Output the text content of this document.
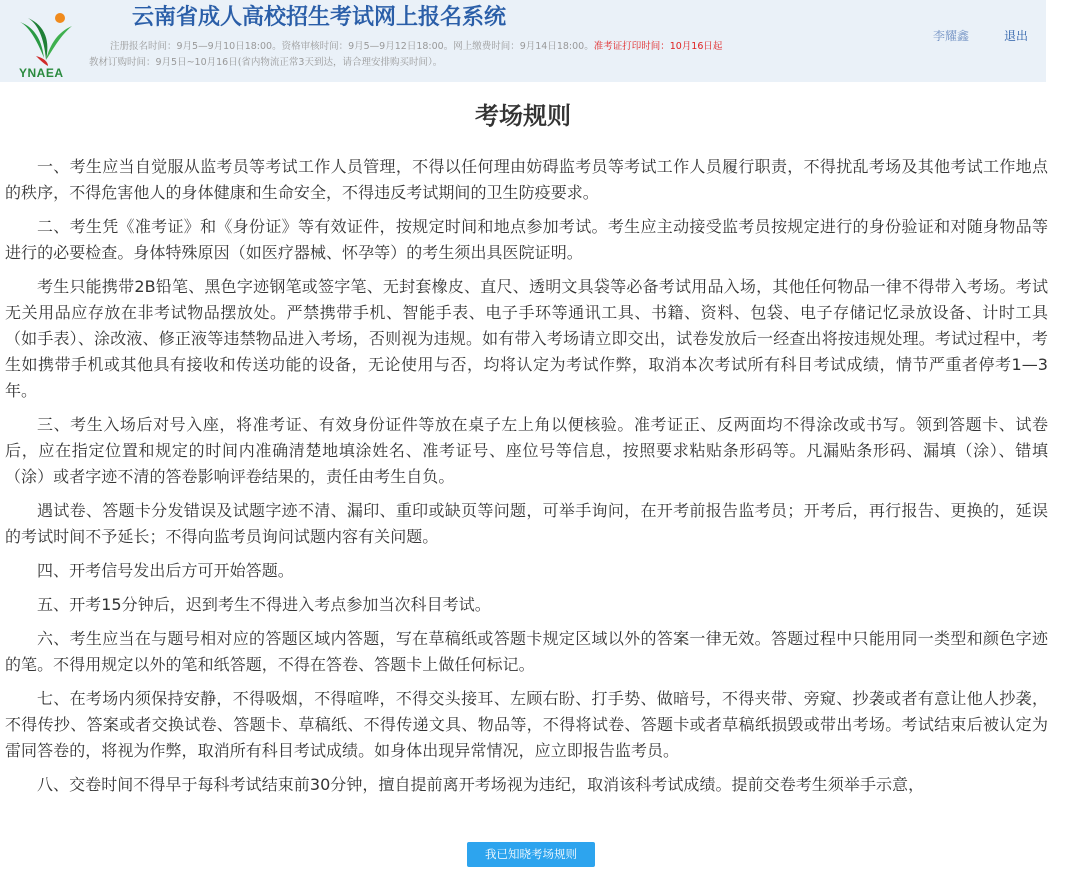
YNAEA
云南省成人高校招生考试网上报名系统
注册报名时间：9月5—9月10日18:00。资格审核时间：9月5—9月12日18:00。网上缴费时间：9月14日18:00。准考证打印时间：10月16日起
教材订购时间：9月5日~10月16日(省内物流正常3天到达，请合理安排购买时间）。
李耀鑫	退出
考场规则

一、考生应当自觉服从监考员等考试工作人员管理，不得以任何理由妨碍监考员等考试工作人员履行职责，不得扰乱考场及其他考试工作地点的秩序，不得危害他人的身体健康和生命安全，不得违反考试期间的卫生防疫要求。

二、考生凭《准考证》和《身份证》等有效证件，按规定时间和地点参加考试。考生应主动接受监考员按规定进行的身份验证和对随身物品等进行的必要检查。身体特殊原因（如医疗器械、怀孕等）的考生须出具医院证明。

考生只能携带2B铅笔、黑色字迹钢笔或签字笔、无封套橡皮、直尺、透明文具袋等必备考试用品入场，其他任何物品一律不得带入考场。考试无关用品应存放在非考试物品摆放处。严禁携带手机、智能手表、电子手环等通讯工具、书籍、资料、包袋、电子存储记忆录放设备、计时工具（如手表）、涂改液、修正液等违禁物品进入考场，否则视为违规。如有带入考场请立即交出，试卷发放后一经查出将按违规处理。考试过程中，考生如携带手机或其他具有接收和传送功能的设备，无论使用与否，均将认定为考试作弊，取消本次考试所有科目考试成绩，情节严重者停考1—3年。

三、考生入场后对号入座，将准考证、有效身份证件等放在桌子左上角以便核验。准考证正、反两面均不得涂改或书写。领到答题卡、试卷后，应在指定位置和规定的时间内准确清楚地填涂姓名、准考证号、座位号等信息，按照要求粘贴条形码等。凡漏贴条形码、漏填（涂）、错填（涂）或者字迹不清的答卷影响评卷结果的，责任由考生自负。

遇试卷、答题卡分发错误及试题字迹不清、漏印、重印或缺页等问题，可举手询问，在开考前报告监考员；开考后，再行报告、更换的，延误的考试时间不予延长；不得向监考员询问试题内容有关问题。

四、开考信号发出后方可开始答题。

五、开考15分钟后，迟到考生不得进入考点参加当次科目考试。

六、考生应当在与题号相对应的答题区域内答题，写在草稿纸或答题卡规定区域以外的答案一律无效。答题过程中只能用同一类型和颜色字迹的笔。不得用规定以外的笔和纸答题，不得在答卷、答题卡上做任何标记。

七、在考场内须保持安静，不得吸烟，不得喧哗，不得交头接耳、左顾右盼、打手势、做暗号，不得夹带、旁窥、抄袭或者有意让他人抄袭，不得传抄、答案或者交换试卷、答题卡、草稿纸、不得传递文具、物品等，不得将试卷、答题卡或者草稿纸损毁或带出考场。考试结束后被认定为雷同答卷的，将视为作弊，取消所有科目考试成绩。如身体出现异常情况，应立即报告监考员。

八、交卷时间不得早于每科考试结束前30分钟，擅自提前离开考场视为违纪，取消该科考试成绩。提前交卷考生须举手示意，

我已知晓考场规则
